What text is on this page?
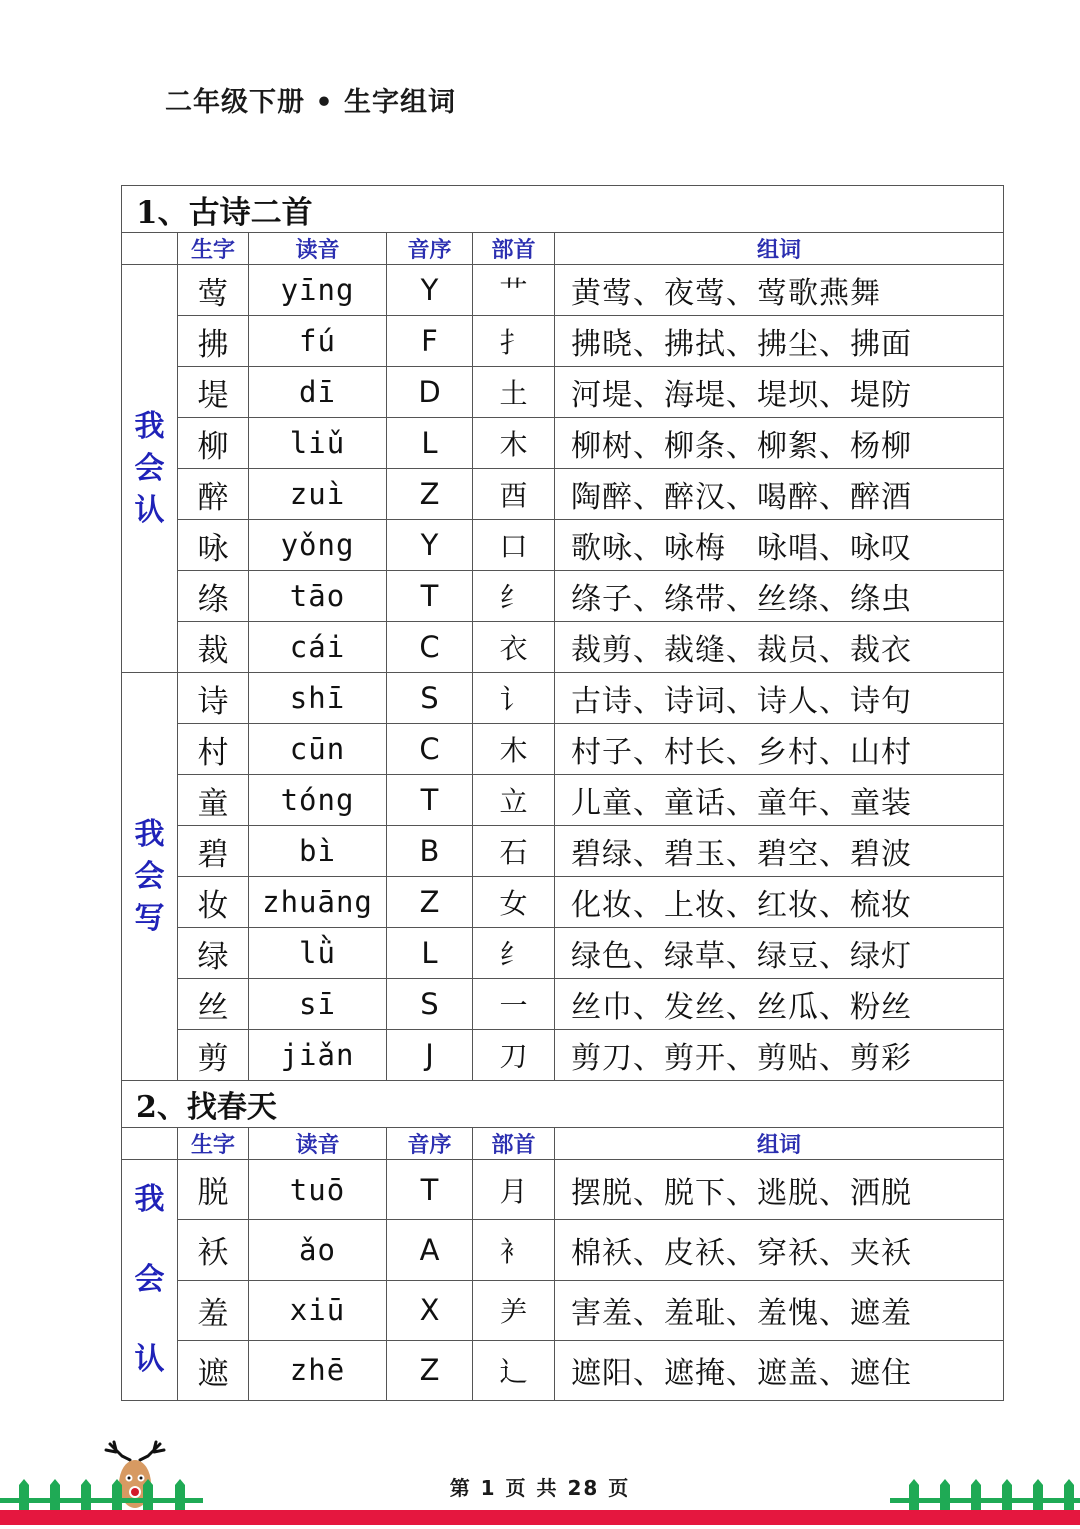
二年级下册 • 生字组词
1、古诗二首					
	生字	读音	音序	部首	组词
我会认	莺	yīng	Y	艹	黄莺、夜莺、莺歌燕舞
	拂	fú	F	扌	拂晓、拂拭、拂尘、拂面
	堤	dī	D	土	河堤、海堤、堤坝、堤防
	柳	liǔ	L	木	柳树、柳条、柳絮、杨柳
	醉	zuì	Z	酉	陶醉、醉汉、喝醉、醉酒
	咏	yǒng	Y	口	歌咏、咏梅　咏唱、咏叹
	绦	tāo	T	纟	绦子、绦带、丝绦、绦虫
	裁	cái	C	衣	裁剪、裁缝、裁员、裁衣
我会写	诗	shī	S	讠	古诗、诗词、诗人、诗句
	村	cūn	C	木	村子、村长、乡村、山村
	童	tóng	T	立	儿童、童话、童年、童装
	碧	bì	B	石	碧绿、碧玉、碧空、碧波
	妆	zhuāng	Z	女	化妆、上妆、红妆、梳妆
	绿	lǜ	L	纟	绿色、绿草、绿豆、绿灯
	丝	sī	S	一	丝巾、发丝、丝瓜、粉丝
	剪	jiǎn	J	刀	剪刀、剪开、剪贴、剪彩
2、找春天					
	生字	读音	音序	部首	组词
我会认	脱	tuō	T	月	摆脱、脱下、逃脱、洒脱
	袄	ǎo	A	衤	棉袄、皮袄、穿袄、夹袄
	羞	xiū	X	⺶	害羞、羞耻、羞愧、遮羞
	遮	zhē	Z	辶	遮阳、遮掩、遮盖、遮住
第 1 页 共 28 页
